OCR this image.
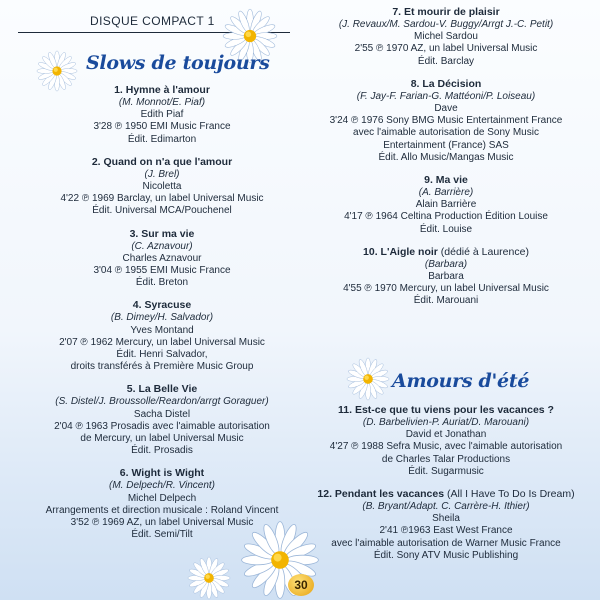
DISQUE COMPACT 1
Slows de toujours
Amours d'été
1. Hymne à l'amour
(M. Monnot/E. Piaf)
Edith Piaf
3'28 ℗ 1950 EMI Music France
Édit. Edimarton
2. Quand on n'a que l'amour
(J. Brel)
Nicoletta
4'22 ℗ 1969 Barclay, un label Universal Music
Édit. Universal MCA/Pouchenel
3. Sur ma vie
(C. Aznavour)
Charles Aznavour
3'04 ℗ 1955 EMI Music France
Édit. Breton
4. Syracuse
(B. Dimey/H. Salvador)
Yves Montand
2'07 ℗ 1962 Mercury, un label Universal Music
Édit. Henri Salvador,
droits transférés à Première Music Group
5. La Belle Vie
(S. Distel/J. Broussolle/Reardon/arrgt Goraguer)
Sacha Distel
2'04 ℗ 1963 Prosadis avec l'aimable autorisation
de Mercury, un label Universal Music
Édit. Prosadis
6. Wight is Wight
(M. Delpech/R. Vincent)
Michel Delpech
Arrangements et direction musicale : Roland Vincent
3'52 ℗ 1969 AZ, un label Universal Music
Édit. Semi/Tilt
7. Et mourir de plaisir
(J. Revaux/M. Sardou-V. Buggy/Arrgt J.-C. Petit)
Michel Sardou
2'55 ℗ 1970 AZ, un label Universal Music
Édit. Barclay
8. La Décision
(F. Jay-F. Farian-G. Mattéoni/P. Loiseau)
Dave
3'24 ℗ 1976 Sony BMG Music Entertainment France
avec l'aimable autorisation de Sony Music
Entertainment (France) SAS
Édit. Allo Music/Mangas Music
9. Ma vie
(A. Barrière)
Alain Barrière
4'17 ℗ 1964 Celtina Production Édition Louise
Édit. Louise
10. L'Aigle noir (dédié à Laurence)
(Barbara)
Barbara
4'55 ℗ 1970 Mercury, un label Universal Music
Édit. Marouani
11. Est-ce que tu viens pour les vacances ?
(D. Barbelivien-P. Auriat/D. Marouani)
David et Jonathan
4'27 ℗ 1988 Sefra Music, avec l'aimable autorisation
de Charles Talar Productions
Édit. Sugarmusic
12. Pendant les vacances (All I Have To Do Is Dream)
(B. Bryant/Adapt. C. Carrère-H. Ithier)
Sheila
2'41 ℗1963 East West France
avec l'aimable autorisation de Warner Music France
Édit. Sony ATV Music Publishing
30
